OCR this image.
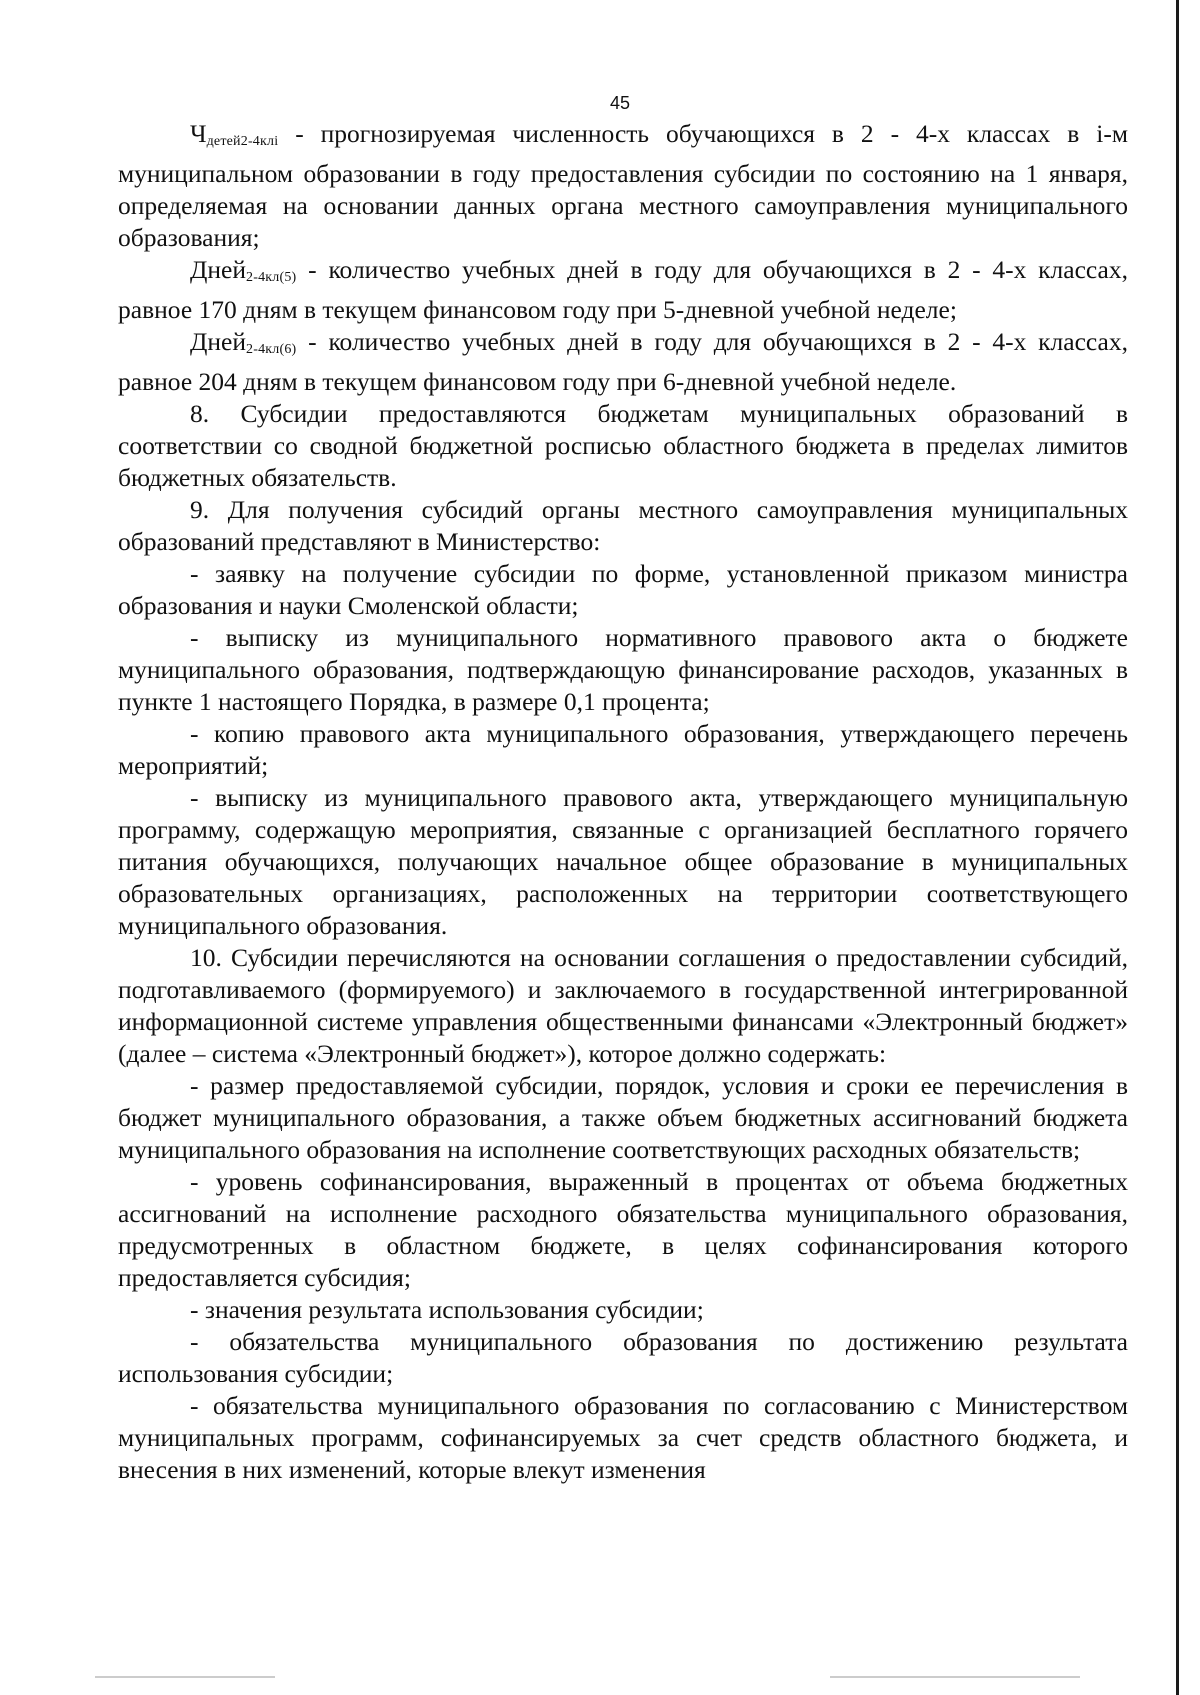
45

$Ч_{детей2-4клi}$ - прогнозируемая численность обучающихся в 2 - 4-х классах в i-м муниципальном образовании в году предоставления субсидии по состоянию на 1 января, определяемая на основании данных органа местного самоуправления муниципального образования;

Дней$_{2-4кл(5)}$ - количество учебных дней в году для обучающихся в 2 - 4-х классах, равное 170 дням в текущем финансовом году при 5-дневной учебной неделе;

Дней$_{2-4кл(6)}$ - количество учебных дней в году для обучающихся в 2 - 4-х классах, равное 204 дням в текущем финансовом году при 6-дневной учебной неделе.

8. Субсидии предоставляются бюджетам муниципальных образований в соответствии со сводной бюджетной росписью областного бюджета в пределах лимитов бюджетных обязательств.

9. Для получения субсидий органы местного самоуправления муниципальных образований представляют в Министерство:

- заявку на получение субсидии по форме, установленной приказом министра образования и науки Смоленской области;

- выписку из муниципального нормативного правового акта о бюджете муниципального образования, подтверждающую финансирование расходов, указанных в пункте 1 настоящего Порядка, в размере 0,1 процента;

- копию правового акта муниципального образования, утверждающего перечень мероприятий;

- выписку из муниципального правового акта, утверждающего муниципальную программу, содержащую мероприятия, связанные с организацией бесплатного горячего питания обучающихся, получающих начальное общее образование в муниципальных образовательных организациях, расположенных на территории соответствующего муниципального образования.

10. Субсидии перечисляются на основании соглашения о предоставлении субсидий, подготавливаемого (формируемого) и заключаемого в государственной интегрированной информационной системе управления общественными финансами «Электронный бюджет» (далее – система «Электронный бюджет»), которое должно содержать:

- размер предоставляемой субсидии, порядок, условия и сроки ее перечисления в бюджет муниципального образования, а также объем бюджетных ассигнований бюджета муниципального образования на исполнение соответствующих расходных обязательств;

- уровень софинансирования, выраженный в процентах от объема бюджетных ассигнований на исполнение расходного обязательства муниципального образования, предусмотренных в областном бюджете, в целях софинансирования которого предоставляется субсидия;

- значения результата использования субсидии;

- обязательства муниципального образования по достижению результата использования субсидии;

- обязательства муниципального образования по согласованию с Министерством муниципальных программ, софинансируемых за счет средств областного бюджета, и внесения в них изменений, которые влекут изменения
